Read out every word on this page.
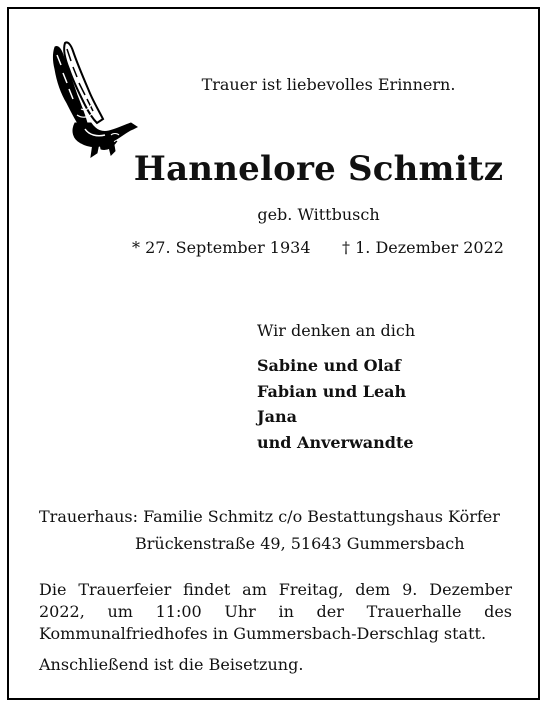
Trauer ist liebevolles Erinnern.
Hannelore Schmitz
geb. Wittbusch
* 27. September 1934 † 1. Dezember 2022
Wir denken an dich
Sabine und Olaf
Fabian und Leah
Jana
und Anverwandte
Trauerhaus: Familie Schmitz c/o Bestattungshaus Körfer
Brückenstraße 49, 51643 Gummersbach
Die Trauerfeier findet am Freitag, dem 9. Dezember 2022, um 11:00 Uhr in der Trauerhalle des Kommunalfriedhofes in Gummersbach-Derschlag statt.
Anschließend ist die Beisetzung.
